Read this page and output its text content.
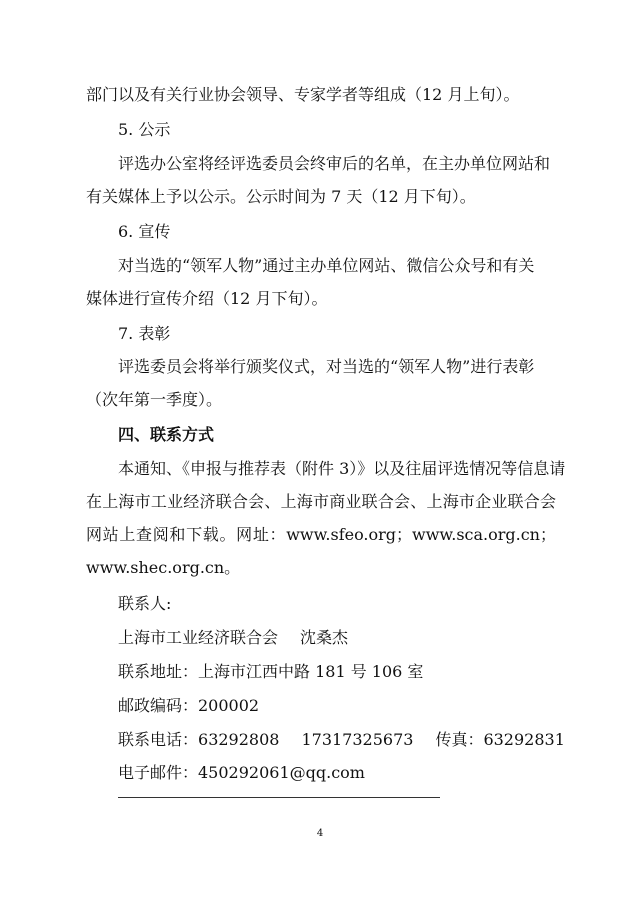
部门以及有关行业协会领导、专家学者等组成（12 月上旬）。
5. 公示
评选办公室将经评选委员会终审后的名单，在主办单位网站和
有关媒体上予以公示。公示时间为 7 天（12 月下旬）。
6. 宣传
对当选的“领军人物”通过主办单位网站、微信公众号和有关
媒体进行宣传介绍（12 月下旬）。
7. 表彰
评选委员会将举行颁奖仪式，对当选的“领军人物”进行表彰
（次年第一季度）。
四、联系方式
本通知、《申报与推荐表（附件 3）》以及往届评选情况等信息请
在上海市工业经济联合会、上海市商业联合会、上海市企业联合会
网站上查阅和下载。网址：www.sfeo.org；www.sca.org.cn；
www.shec.org.cn。
联系人:
上海市工业经济联合会 沈桑杰
联系地址：上海市江西中路 181 号 106 室
邮政编码：200002
联系电话：63292808 17317325673 传真：63292831
电子邮件：450292061@qq.com
4
